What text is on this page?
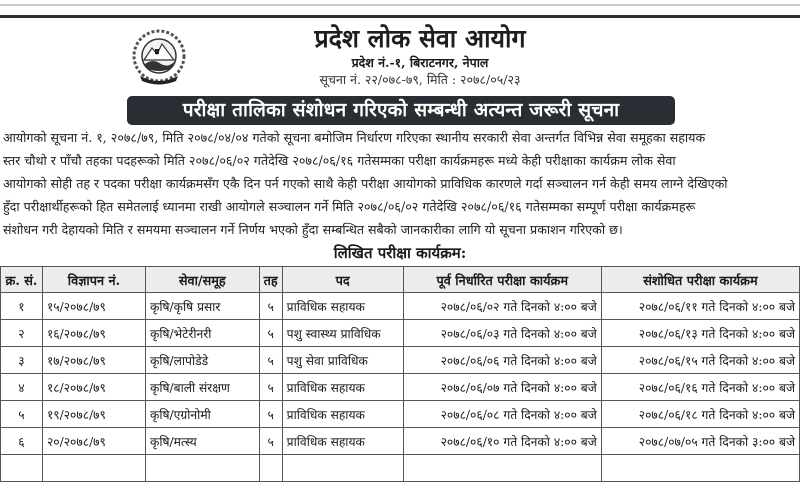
प्रदेश लोक सेवा आयोग
प्रदेश नं.-१, बिराटनगर, नेपाल
सूचना नं. २२/०७८-७९, मिति : २०७८/०५/२३
परीक्षा तालिका संशोधन गरिएको सम्बन्धी अत्यन्त जरूरी सूचना
आयोगको सूचना नं. १, २०७८/७९, मिति २०७८/०४/०४ गतेको सूचना बमोजिम निर्धारण गरिएका स्थानीय सरकारी सेवा अन्तर्गत विभिन्न सेवा समूहका सहायक
स्तर चौथो र पाँचौ तहका पदहरूको मिति २०७८/०६/०२ गतेदेखि २०७८/०६/१६ गतेसम्मका परीक्षा कार्यक्रमहरू मध्ये केही परीक्षाका कार्यक्रम लोक सेवा
आयोगको सोही तह र पदका परीक्षा कार्यक्रमसँग एकै दिन पर्न गएको साथै केही परीक्षा आयोगको प्राविधिक कारणले गर्दा सञ्चालन गर्न केही समय लाग्ने देखिएको
हुँदा परीक्षार्थीहरूको हित समेतलाई ध्यानमा राखी आयोगले सञ्चालन गर्ने मिति २०७८/०६/०२ गतेदेखि २०७८/०६/१६ गतेसम्मका सम्पूर्ण परीक्षा कार्यक्रमहरू
संशोधन गरी देहायको मिति र समयमा सञ्चालन गर्ने निर्णय भएको हुँदा सम्बन्धित सबैको जानकारीका लागि यो सूचना प्रकाशन गरिएको छ।
लिखित परीक्षा कार्यक्रम:
क्र. सं.	विज्ञापन नं.	सेवा/समूह	तह	पद	पूर्व निर्धारित परीक्षा कार्यक्रम	संशोधित परीक्षा कार्यक्रम
१	१५/२०७८/७९	कृषि/कृषि प्रसार	५	प्राविधिक सहायक	२०७८/०६/०२ गते दिनको ४:०० बजे	२०७८/०६/११ गते दिनको ४:०० बजे
२	१६/२०७८/७९	कृषि/भेटेरीनरी	५	पशु स्वास्थ्य प्राविधिक	२०७८/०६/०३ गते दिनको ४:०० बजे	२०७८/०६/१३ गते दिनको ४:०० बजे
३	१७/२०७८/७९	कृषि/लापोडेडे	५	पशु सेवा प्राविधिक	२०७८/०६/०६ गते दिनको ४:०० बजे	२०७८/०६/१५ गते दिनको ४:०० बजे
४	१८/२०७८/७९	कृषि/बाली संरक्षण	५	प्राविधिक सहायक	२०७८/०६/०७ गते दिनको ४:०० बजे	२०७८/०६/१६ गते दिनको ४:०० बजे
५	१९/२०७८/७९	कृषि/एग्रोनोमी	५	प्राविधिक सहायक	२०७८/०६/०८ गते दिनको ४:०० बजे	२०७८/०६/१८ गते दिनको ४:०० बजे
६	२०/२०७८/७९	कृषि/मत्स्य	५	प्राविधिक सहायक	२०७८/०६/१० गते दिनको ४:०० बजे	२०७८/०७/०५ गते दिनको ३:०० बजे
